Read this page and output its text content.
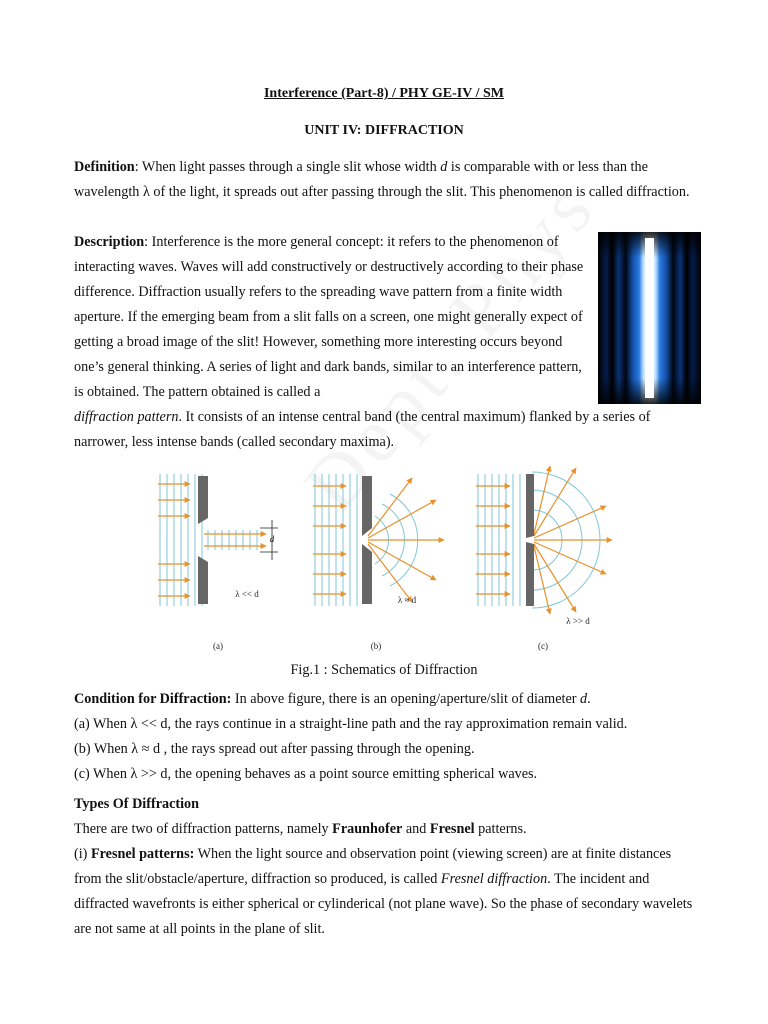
Interference (Part-8) / PHY GE-IV / SM
UNIT IV: DIFFRACTION

Definition: When light passes through a single slit whose width d is comparable with or less than the wavelength λ of the light, it spreads out after passing through the slit. This phenomenon is called diffraction.

Description: Interference is the more general concept: it refers to the phenomenon of interacting waves. Waves will add constructively or destructively according to their phase difference. Diffraction usually refers to the spreading wave pattern from a finite width aperture. If the emerging beam from a slit falls on a screen, one might generally expect of getting a broad image of the slit! However, something more interesting occurs beyond one’s general thinking. A series of light and dark bands, similar to an interference pattern, is obtained. The pattern obtained is called a

diffraction pattern. It consists of an intense central band (the central maximum) flanked by a series of narrower, less intense bands (called secondary maxima).

d
λ << d
(a)
λ ≈ d
(b)
λ >> d
(c)
Fig.1 : Schematics of Diffraction

Condition for Diffraction: In above figure, there is an opening/aperture/slit of diameter d.

(a) When λ << d, the rays continue in a straight-line path and the ray approximation remain valid.

(b) When λ ≈ d , the rays spread out after passing through the opening.

(c) When λ >> d, the opening behaves as a point source emitting spherical waves.

Types Of Diffraction

There are two of diffraction patterns, namely Fraunhofer and Fresnel patterns.

(i) Fresnel patterns: When the light source and observation point (viewing screen) are at finite distances from the slit/obstacle/aperture, diffraction so produced, is called Fresnel diffraction. The incident and diffracted wavefronts is either spherical or cylinderical (not plane wave). So the phase of secondary wavelets are not same at all points in the plane of slit.
